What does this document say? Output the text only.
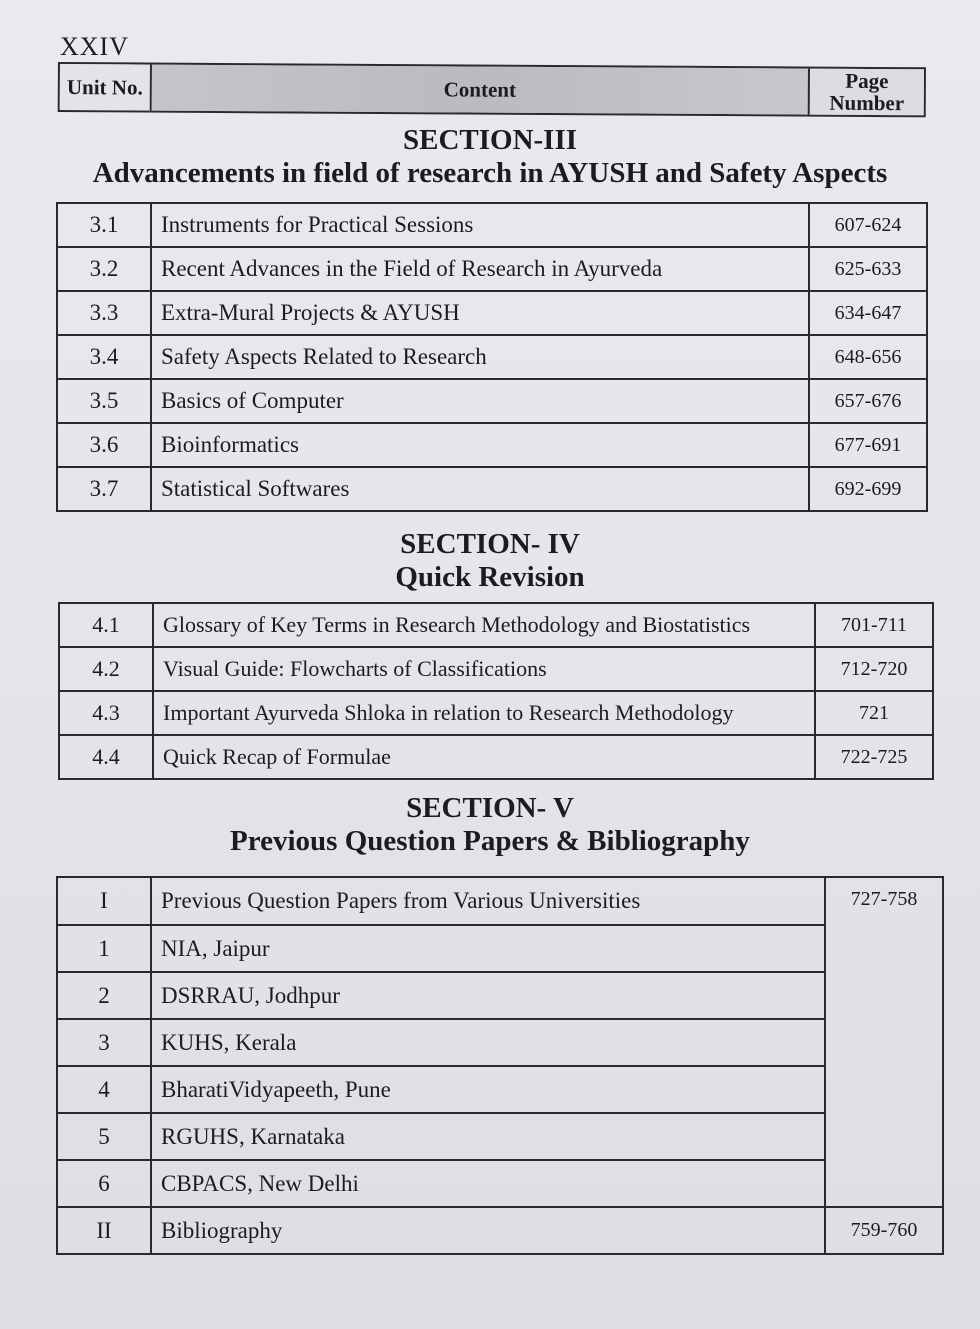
XXIV
Unit No.	Content	Page
Number
SECTION-III
Advancements in field of research in AYUSH and Safety Aspects
3.1	Instruments for Practical Sessions	607-624
3.2	Recent Advances in the Field of Research in Ayurveda	625-633
3.3	Extra-Mural Projects & AYUSH	634-647
3.4	Safety Aspects Related to Research	648-656
3.5	Basics of Computer	657-676
3.6	Bioinformatics	677-691
3.7	Statistical Softwares	692-699
SECTION- IV
Quick Revision
4.1	Glossary of Key Terms in Research Methodology and Biostatistics	701-711
4.2	Visual Guide: Flowcharts of Classifications	712-720
4.3	Important Ayurveda Shloka in relation to Research Methodology	721
4.4	Quick Recap of Formulae	722-725
SECTION- V
Previous Question Papers & Bibliography
I	Previous Question Papers from Various Universities	727-758
1	NIA, Jaipur	
2	DSRRAU, Jodhpur	
3	KUHS, Kerala	
4	BharatiVidyapeeth, Pune	
5	RGUHS, Karnataka	
6	CBPACS, New Delhi	
II	Bibliography	759-760
